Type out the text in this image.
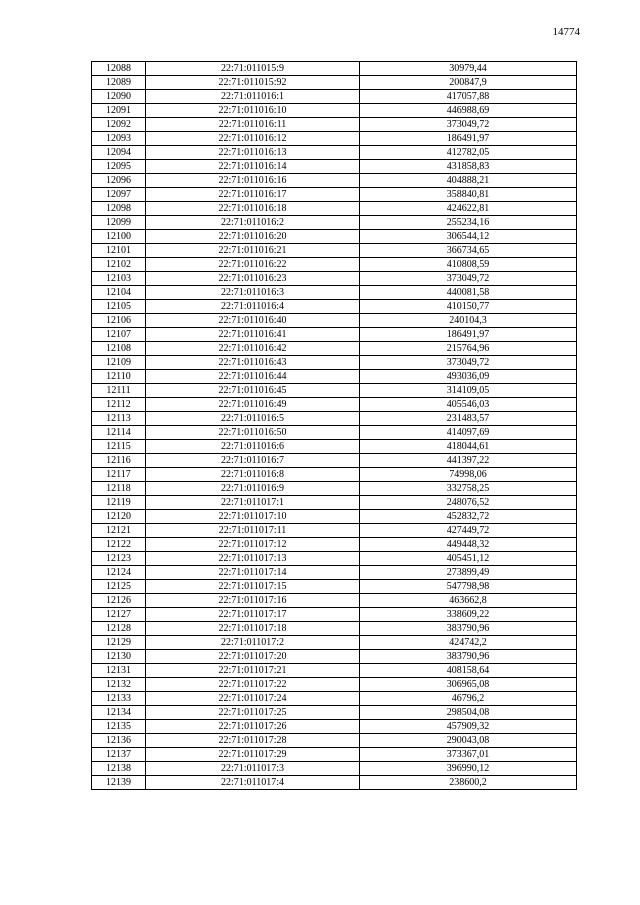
14774
12088	22:71:011015:9	30979,44
12089	22:71:011015:92	200847,9
12090	22:71:011016:1	417057,88
12091	22:71:011016:10	446988,69
12092	22:71:011016:11	373049,72
12093	22:71:011016:12	186491,97
12094	22:71:011016:13	412782,05
12095	22:71:011016:14	431858,83
12096	22:71:011016:16	404888,21
12097	22:71:011016:17	358840,81
12098	22:71:011016:18	424622,81
12099	22:71:011016:2	255234,16
12100	22:71:011016:20	306544,12
12101	22:71:011016:21	366734,65
12102	22:71:011016:22	410808,59
12103	22:71:011016:23	373049,72
12104	22:71:011016:3	440081,58
12105	22:71:011016:4	410150,77
12106	22:71:011016:40	240104,3
12107	22:71:011016:41	186491,97
12108	22:71:011016:42	215764,96
12109	22:71:011016:43	373049,72
12110	22:71:011016:44	493036,09
12111	22:71:011016:45	314109,05
12112	22:71:011016:49	405546,03
12113	22:71:011016:5	231483,57
12114	22:71:011016:50	414097,69
12115	22:71:011016:6	418044,61
12116	22:71:011016:7	441397,22
12117	22:71:011016:8	74998,06
12118	22:71:011016:9	332758,25
12119	22:71:011017:1	248076,52
12120	22:71:011017:10	452832,72
12121	22:71:011017:11	427449,72
12122	22:71:011017:12	449448,32
12123	22:71:011017:13	405451,12
12124	22:71:011017:14	273899,49
12125	22:71:011017:15	547798,98
12126	22:71:011017:16	463662,8
12127	22:71:011017:17	338609,22
12128	22:71:011017:18	383790,96
12129	22:71:011017:2	424742,2
12130	22:71:011017:20	383790,96
12131	22:71:011017:21	408158,64
12132	22:71:011017:22	306965,08
12133	22:71:011017:24	46796,2
12134	22:71:011017:25	298504,08
12135	22:71:011017:26	457909,32
12136	22:71:011017:28	290043,08
12137	22:71:011017:29	373367,01
12138	22:71:011017:3	396990,12
12139	22:71:011017:4	238600,2
